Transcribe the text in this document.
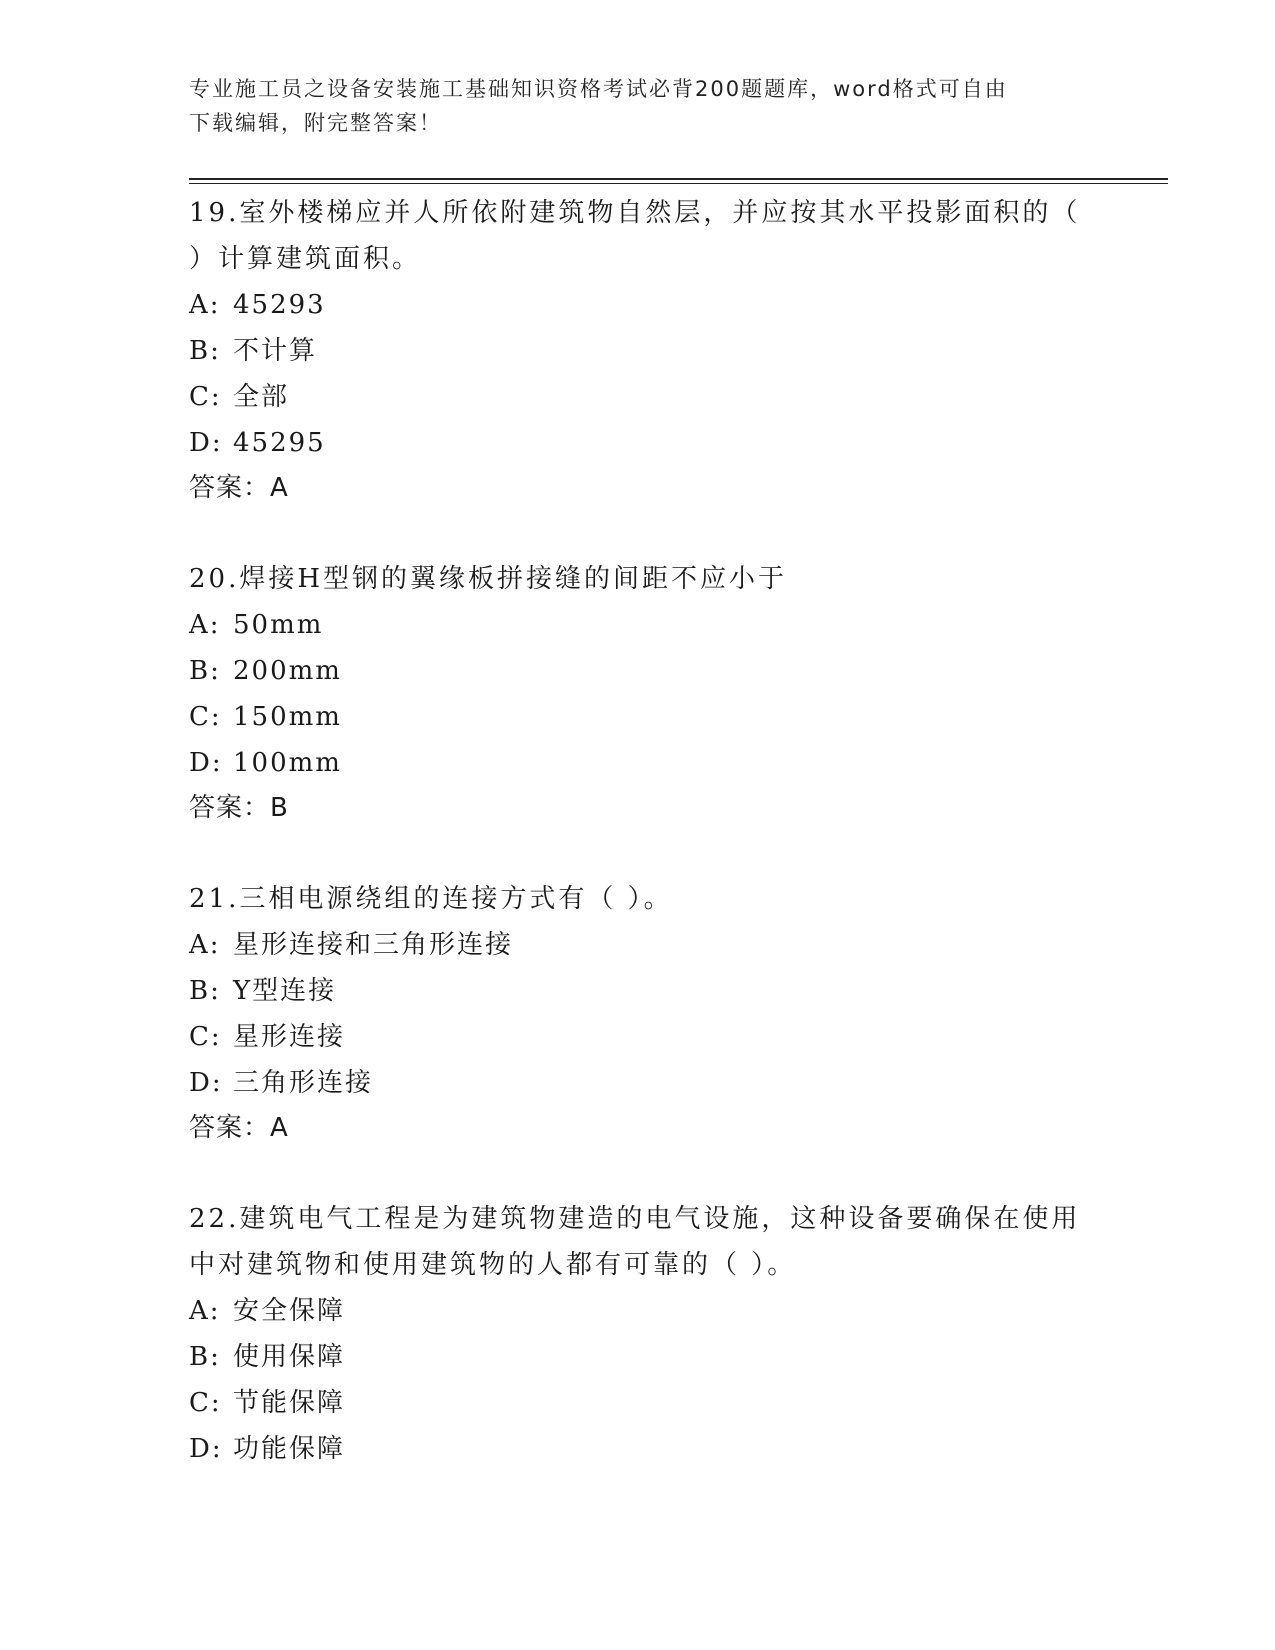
专业施工员之设备安装施工基础知识资格考试必背200题题库，word格式可自由
下载编辑，附完整答案！

19.室外楼梯应并人所依附建筑物自然层，并应按其水平投影面积的（

）计算建筑面积。

A: 45293

B: 不计算

C: 全部

D: 45295

答案：A

20.焊接H型钢的翼缘板拼接缝的间距不应小于

A: 50mm

B: 200mm

C: 150mm

D: 100mm

答案：B

21.三相电源绕组的连接方式有（ ）。

A: 星形连接和三角形连接

B: Y型连接

C: 星形连接

D: 三角形连接

答案：A

22.建筑电气工程是为建筑物建造的电气设施，这种设备要确保在使用

中对建筑物和使用建筑物的人都有可靠的（ ）。

A: 安全保障

B: 使用保障

C: 节能保障

D: 功能保障
